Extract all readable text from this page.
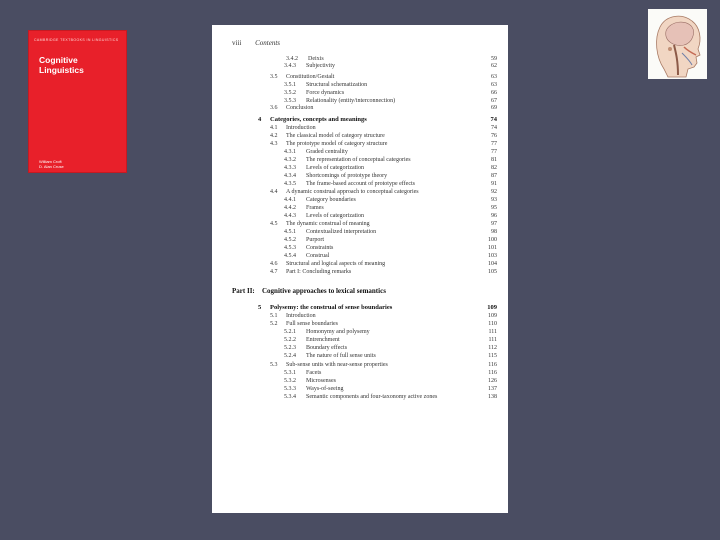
CAMBRIDGE TEXTBOOKS IN LINGUISTICS
Cognitive
Linguistics
William Croft
D. Alan Cruse
viii Contents
3.4.2 Deixis	59
3.4.3 Subjectivity	62
3.5 Constitution/Gestalt	63
3.5.1 Structural schematization	63
3.5.2 Force dynamics	66
3.5.3 Relationality (entity/interconnection)	67
3.6 Conclusion	69
4 Categories, concepts and meanings	74
4.1 Introduction	74
4.2 The classical model of category structure	76
4.3 The prototype model of category structure	77
4.3.1 Graded centrality	77
4.3.2 The representation of conceptual categories	81
4.3.3 Levels of categorization	82
4.3.4 Shortcomings of prototype theory	87
4.3.5 The frame-based account of prototype effects	91
4.4 A dynamic construal approach to conceptual categories	92
4.4.1 Category boundaries	93
4.4.2 Frames	95
4.4.3 Levels of categorization	96
4.5 The dynamic construal of meaning	97
4.5.1 Contextualized interpretation	98
4.5.2 Purport	100
4.5.3 Constraints	101
4.5.4 Construal	103
4.6 Structural and logical aspects of meaning	104
4.7 Part I: Concluding remarks	105
Part II: Cognitive approaches to lexical semantics
5 Polysemy: the construal of sense boundaries	109
5.1 Introduction	109
5.2 Full sense boundaries	110
5.2.1 Homonymy and polysemy	111
5.2.2 Entrenchment	111
5.2.3 Boundary effects	112
5.2.4 The nature of full sense units	115
5.3 Sub-sense units with near-sense properties	116
5.3.1 Facets	116
5.3.2 Microsenses	126
5.3.3 Ways-of-seeing	137
5.3.4 Semantic components and four-taxonomy active zones	138
